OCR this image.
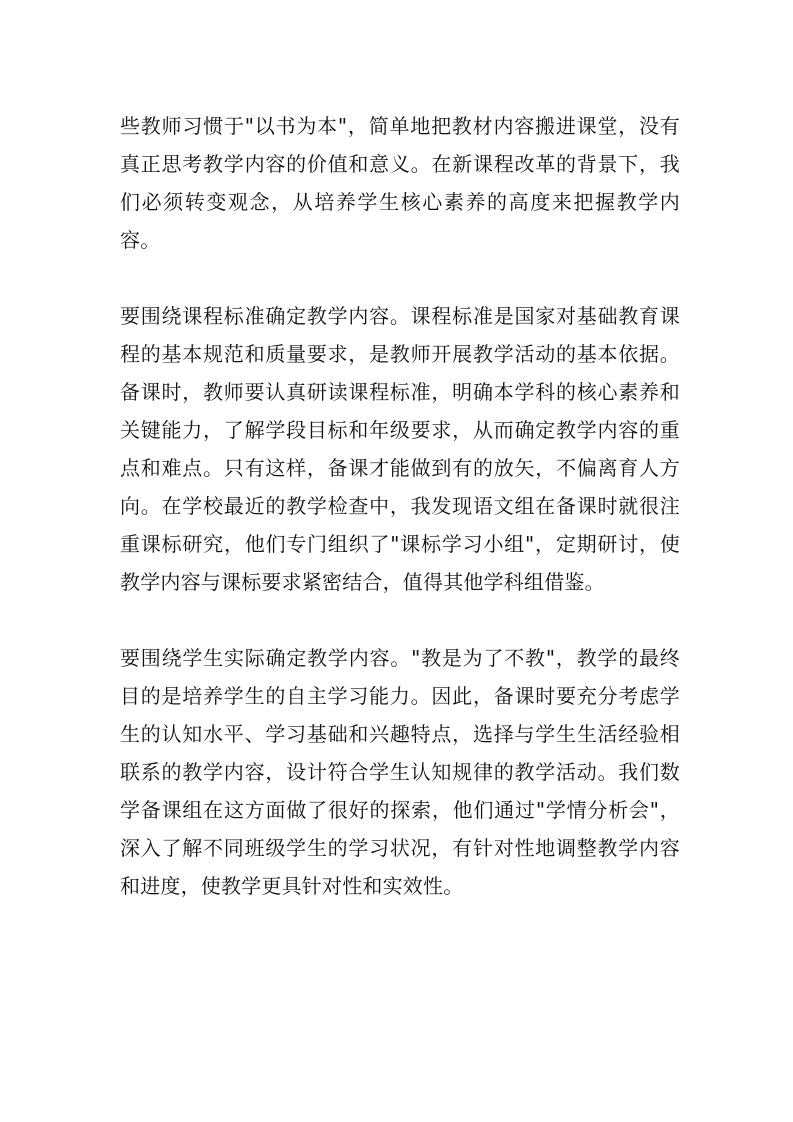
些教师习惯于"以书为本"，简单地把教材内容搬进课堂，没有真正思考教学内容的价值和意义。在新课程改革的背景下，我们必须转变观念，从培养学生核心素养的高度来把握教学内容。

要围绕课程标准确定教学内容。课程标准是国家对基础教育课程的基本规范和质量要求，是教师开展教学活动的基本依据。备课时，教师要认真研读课程标准，明确本学科的核心素养和关键能力，了解学段目标和年级要求，从而确定教学内容的重点和难点。只有这样，备课才能做到有的放矢，不偏离育人方向。在学校最近的教学检查中，我发现语文组在备课时就很注重课标研究，他们专门组织了"课标学习小组"，定期研讨，使教学内容与课标要求紧密结合，值得其他学科组借鉴。

要围绕学生实际确定教学内容。"教是为了不教"，教学的最终目的是培养学生的自主学习能力。因此，备课时要充分考虑学生的认知水平、学习基础和兴趣特点，选择与学生生活经验相联系的教学内容，设计符合学生认知规律的教学活动。我们数学备课组在这方面做了很好的探索，他们通过"学情分析会"，深入了解不同班级学生的学习状况，有针对性地调整教学内容和进度，使教学更具针对性和实效性。
